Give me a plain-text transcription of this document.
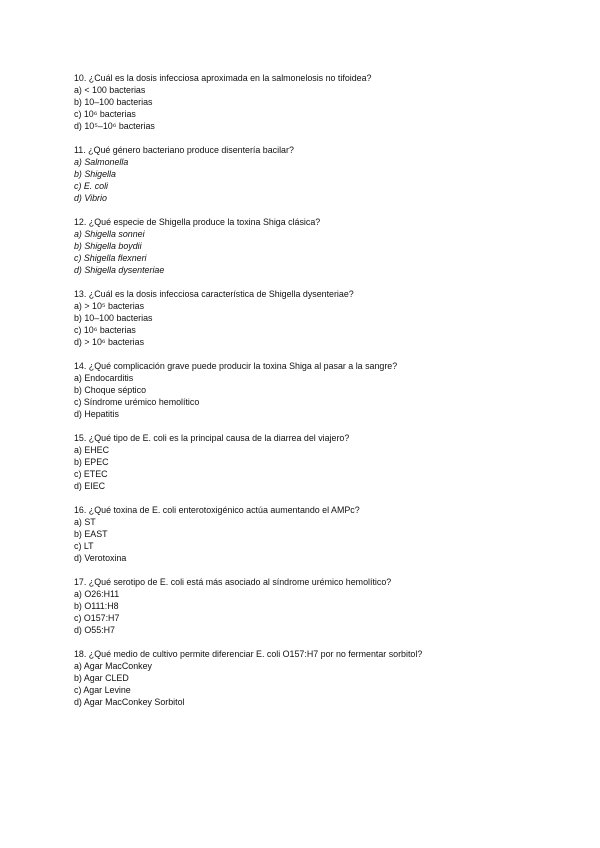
10. ¿Cuál es la dosis infecciosa aproximada en la salmonelosis no tifoidea?
a) < 100 bacterias
b) 10–100 bacterias
c) 10⁶ bacterias
d) 10⁵–10⁶ bacterias
11. ¿Qué género bacteriano produce disentería bacilar?
a) Salmonella
b) Shigella
c) E. coli
d) Vibrio
12. ¿Qué especie de Shigella produce la toxina Shiga clásica?
a) Shigella sonnei
b) Shigella boydii
c) Shigella flexneri
d) Shigella dysenteriae
13. ¿Cuál es la dosis infecciosa característica de Shigella dysenteriae?
a) > 10⁵ bacterias
b) 10–100 bacterias
c) 10⁶ bacterias
d) > 10⁶ bacterias
14. ¿Qué complicación grave puede producir la toxina Shiga al pasar a la sangre?
a) Endocarditis
b) Choque séptico
c) Síndrome urémico hemolítico
d) Hepatitis
15. ¿Qué tipo de E. coli es la principal causa de la diarrea del viajero?
a) EHEC
b) EPEC
c) ETEC
d) EIEC
16. ¿Qué toxina de E. coli enterotoxigénico actúa aumentando el AMPc?
a) ST
b) EAST
c) LT
d) Verotoxina
17. ¿Qué serotipo de E. coli está más asociado al síndrome urémico hemolítico?
a) O26:H11
b) O111:H8
c) O157:H7
d) O55:H7
18. ¿Qué medio de cultivo permite diferenciar E. coli O157:H7 por no fermentar sorbitol?
a) Agar MacConkey
b) Agar CLED
c) Agar Levine
d) Agar MacConkey Sorbitol
